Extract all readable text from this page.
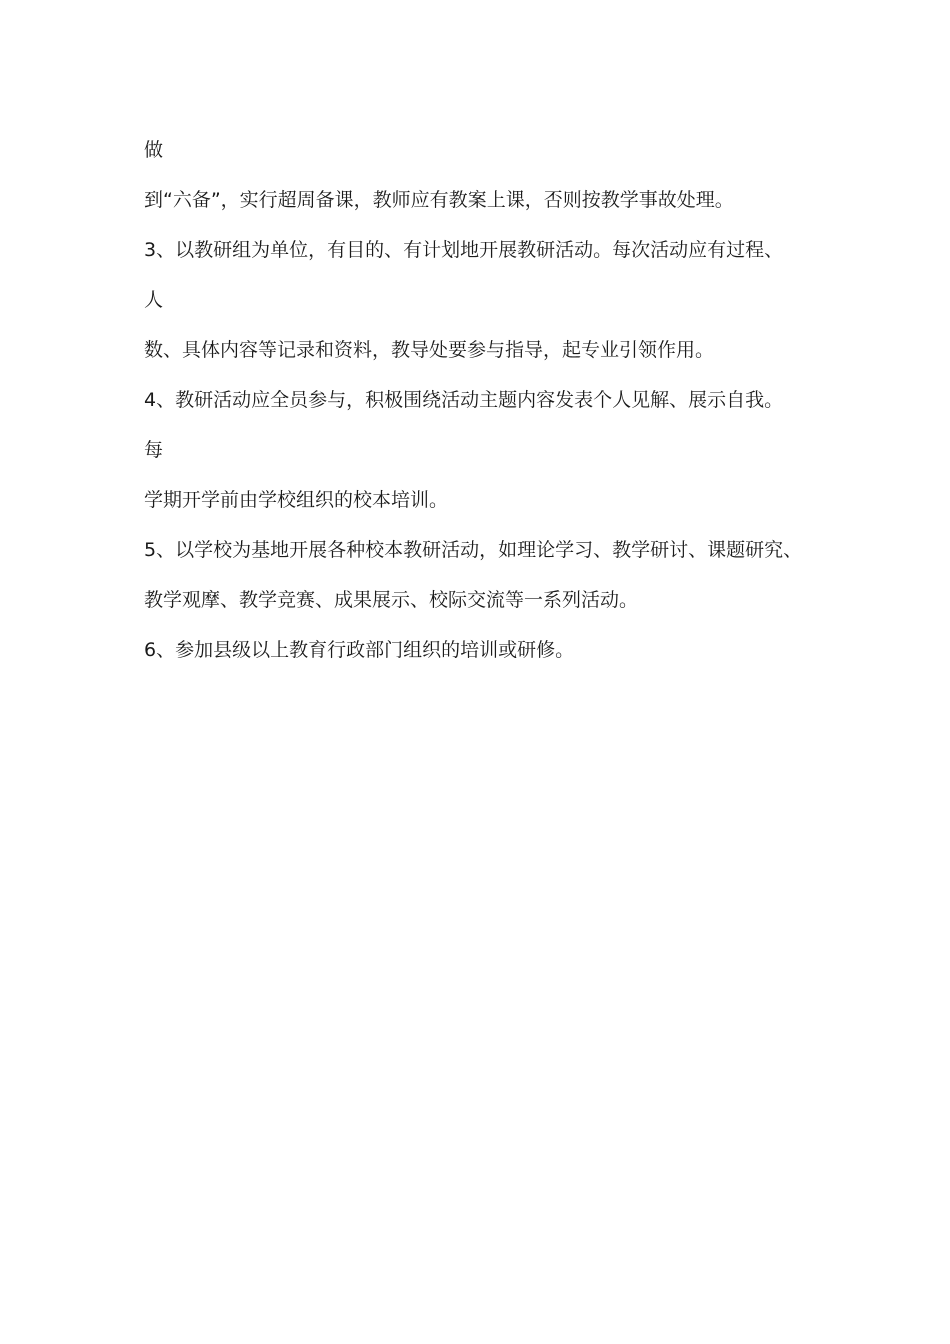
做
到“六备”，实行超周备课，教师应有教案上课，否则按教学事故处理。
3、以教研组为单位，有目的、有计划地开展教研活动。每次活动应有过程、
人
数、具体内容等记录和资料，教导处要参与指导，起专业引领作用。
4、教研活动应全员参与，积极围绕活动主题内容发表个人见解、展示自我。
每
学期开学前由学校组织的校本培训。
5、以学校为基地开展各种校本教研活动，如理论学习、教学研讨、课题研究、
教学观摩、教学竞赛、成果展示、校际交流等一系列活动。
6、参加县级以上教育行政部门组织的培训或研修。
